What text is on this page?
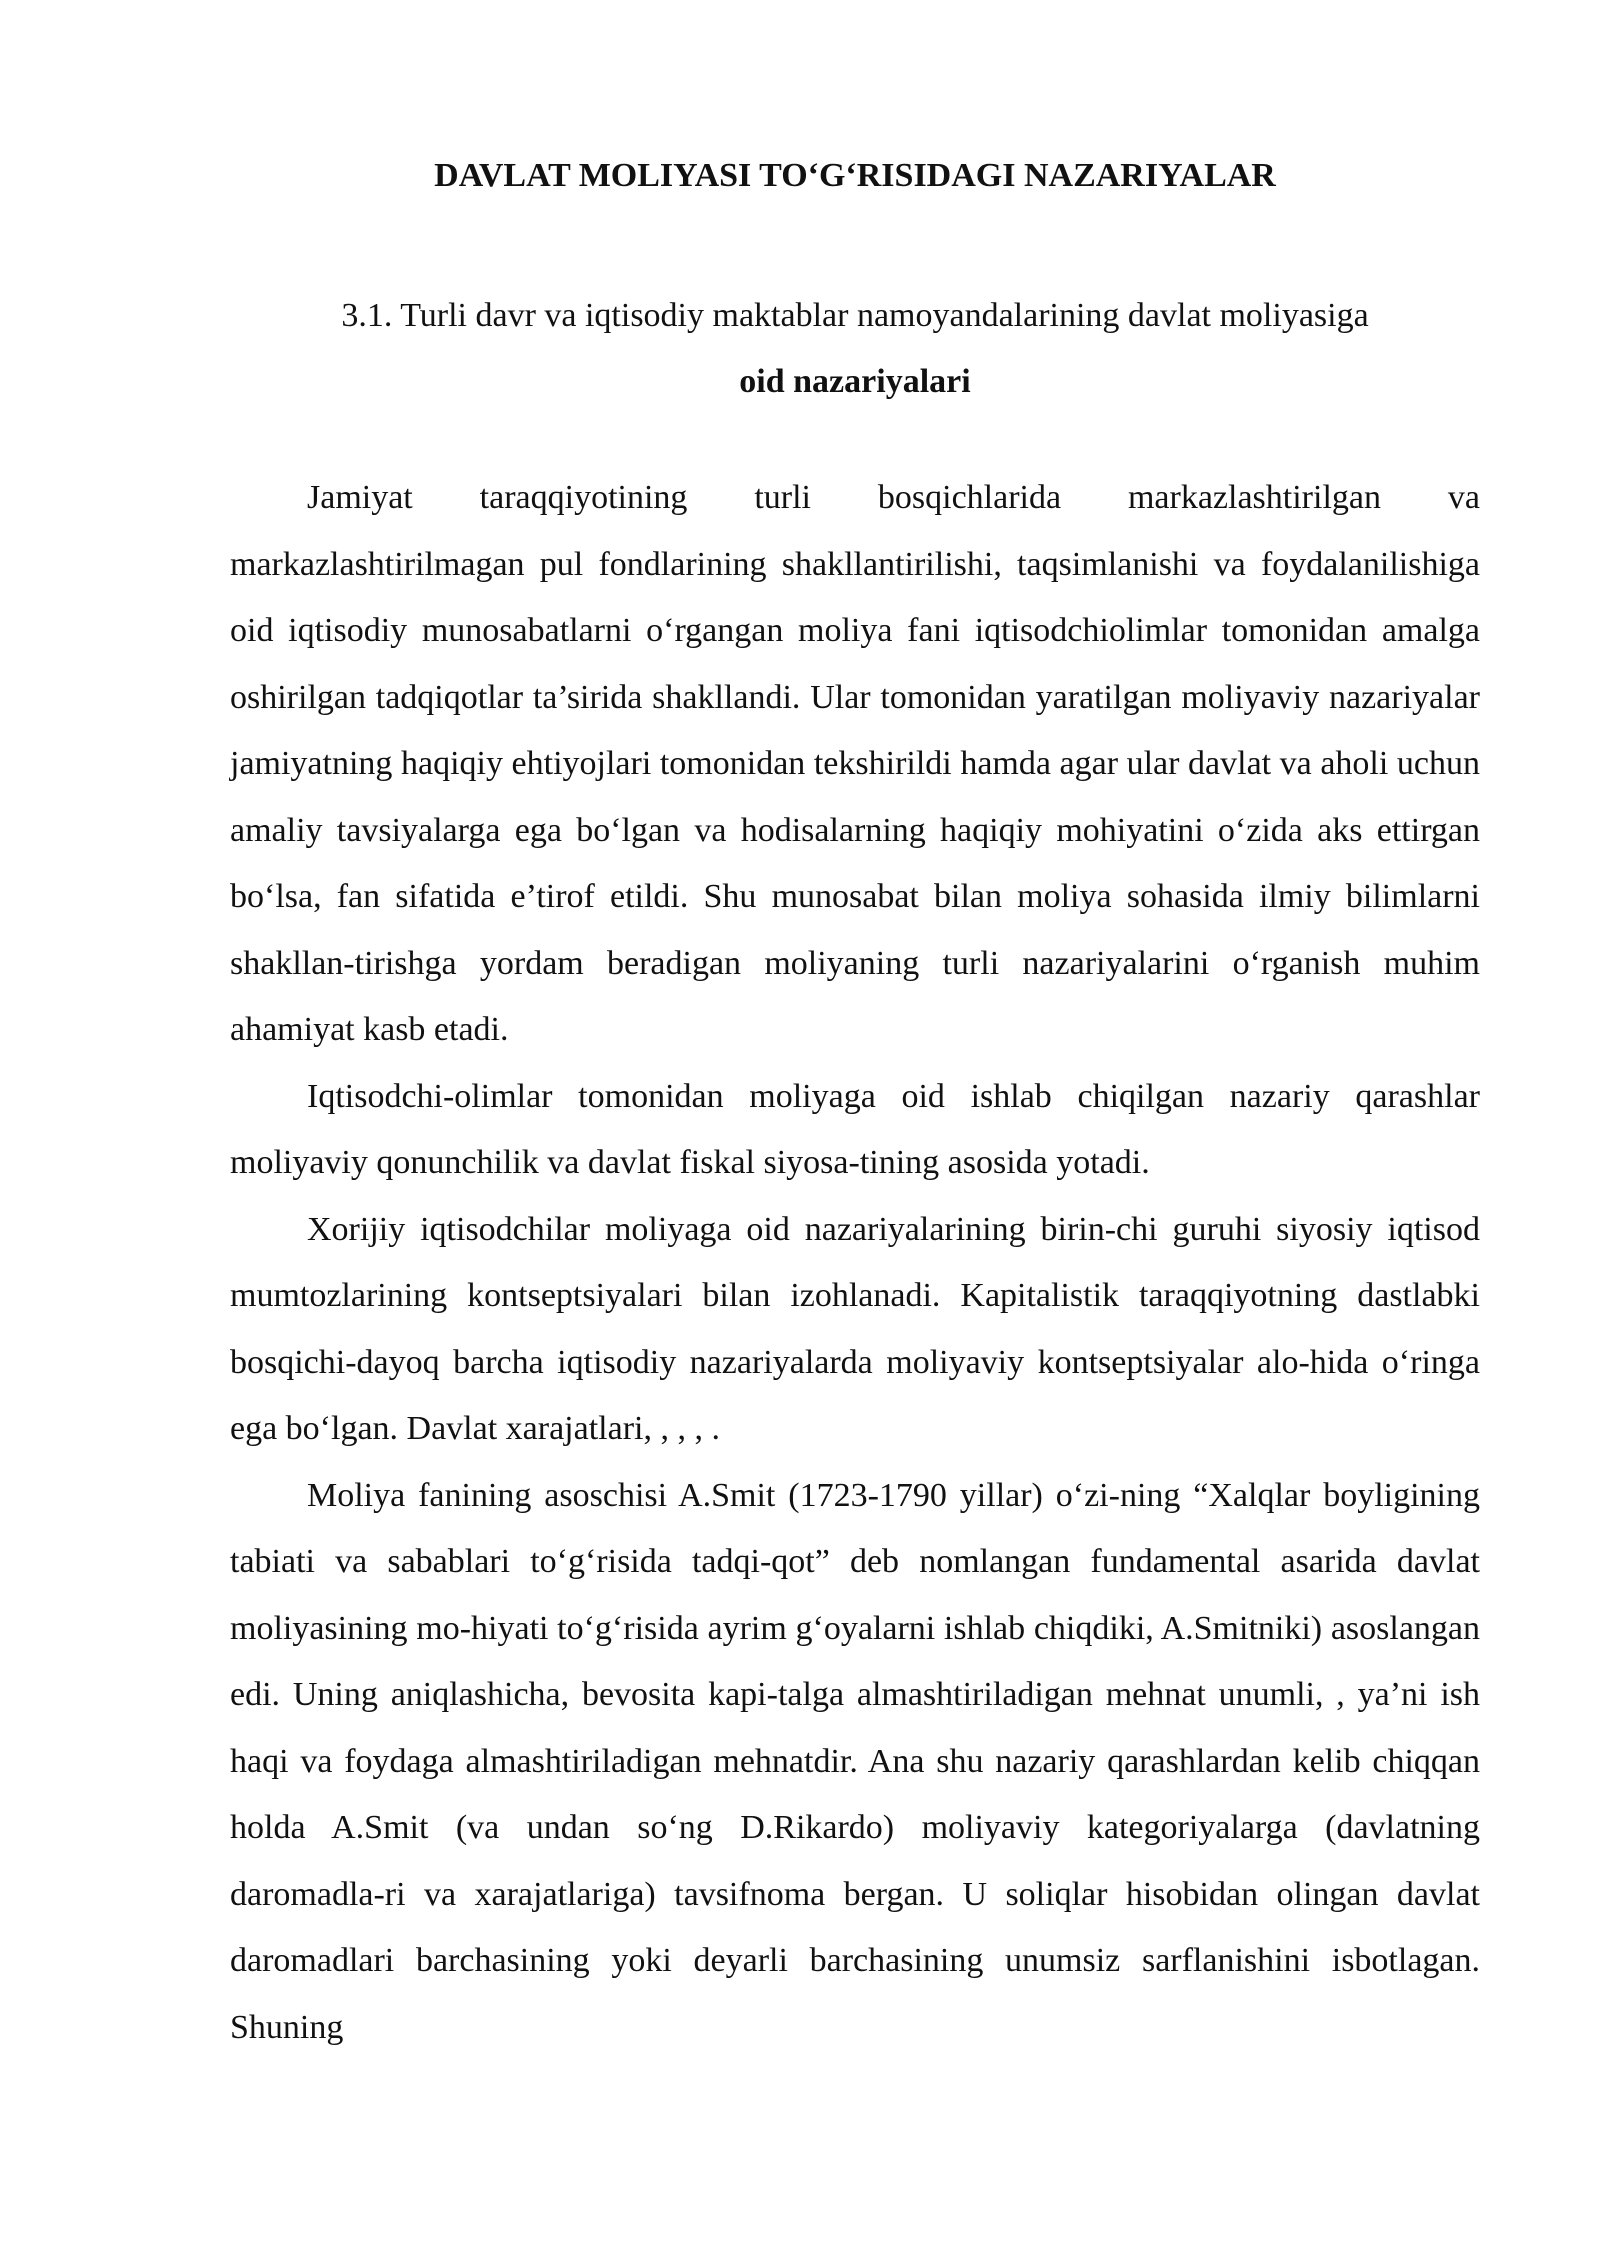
DAVLAT MOLIYASI TO‘G‘RISIDAGI NAZARIYALAR
3.1. Turli davr va iqtisodiy maktablar namoyandalarining davlat moliyasiga
oid nazariyalari

Jamiyat taraqqiyotining turli bosqichlarida markazlashtirilgan va markazlashtirilmagan pul fondlarining shakllantirilishi, taqsimlanishi va foydalanilishiga oid iqtisodiy munosabatlarni o‘rgangan moliya fani iqtisodchiolimlar tomonidan amalga oshirilgan tadqiqotlar ta’sirida shakllandi. Ular tomonidan yaratilgan moliyaviy nazariyalar jamiyatning haqiqiy ehtiyojlari tomonidan tekshirildi hamda agar ular davlat va aholi uchun amaliy tavsiyalarga ega bo‘lgan va hodisalarning haqiqiy mohiyatini o‘zida aks ettirgan bo‘lsa, fan sifatida e’tirof etildi. Shu munosabat bilan moliya sohasida ilmiy bilimlarni shakllan-tirishga yordam beradigan moliyaning turli nazariyalarini o‘rganish muhim ahamiyat kasb etadi.

Iqtisodchi-olimlar tomonidan moliyaga oid ishlab chiqilgan nazariy qarashlar moliyaviy qonunchilik va davlat fiskal siyosa-tining asosida yotadi.

Xorijiy iqtisodchilar moliyaga oid nazariyalarining birin-chi guruhi siyosiy iqtisod mumtozlarining kontseptsiyalari bilan izohlanadi. Kapitalistik taraqqiyotning dastlabki bosqichi-dayoq barcha iqtisodiy nazariyalarda moliyaviy kontseptsiyalar alo-hida o‘ringa ega bo‘lgan. Davlat xarajatlari, , , , .

Moliya fanining asoschisi A.Smit (1723-1790 yillar) o‘zi-ning “Xalqlar boyligining tabiati va sabablari to‘g‘risida tadqi-qot” deb nomlangan fundamental asarida davlat moliyasining mo-hiyati to‘g‘risida ayrim g‘oyalarni ishlab chiqdiki, A.Smitniki) asoslangan edi. Uning aniqlashicha, bevosita kapi-talga almashtiriladigan mehnat unumli, , ya’ni ish haqi va foydaga almashtiriladigan mehnatdir. Ana shu nazariy qarashlardan kelib chiqqan holda A.Smit (va undan so‘ng D.Rikardo) moliyaviy kategoriyalarga (davlatning daromadla-ri va xarajatlariga) tavsifnoma bergan. U soliqlar hisobidan olingan davlat daromadlari barchasining yoki deyarli barchasining unumsiz sarflanishini isbotlagan. Shuning
